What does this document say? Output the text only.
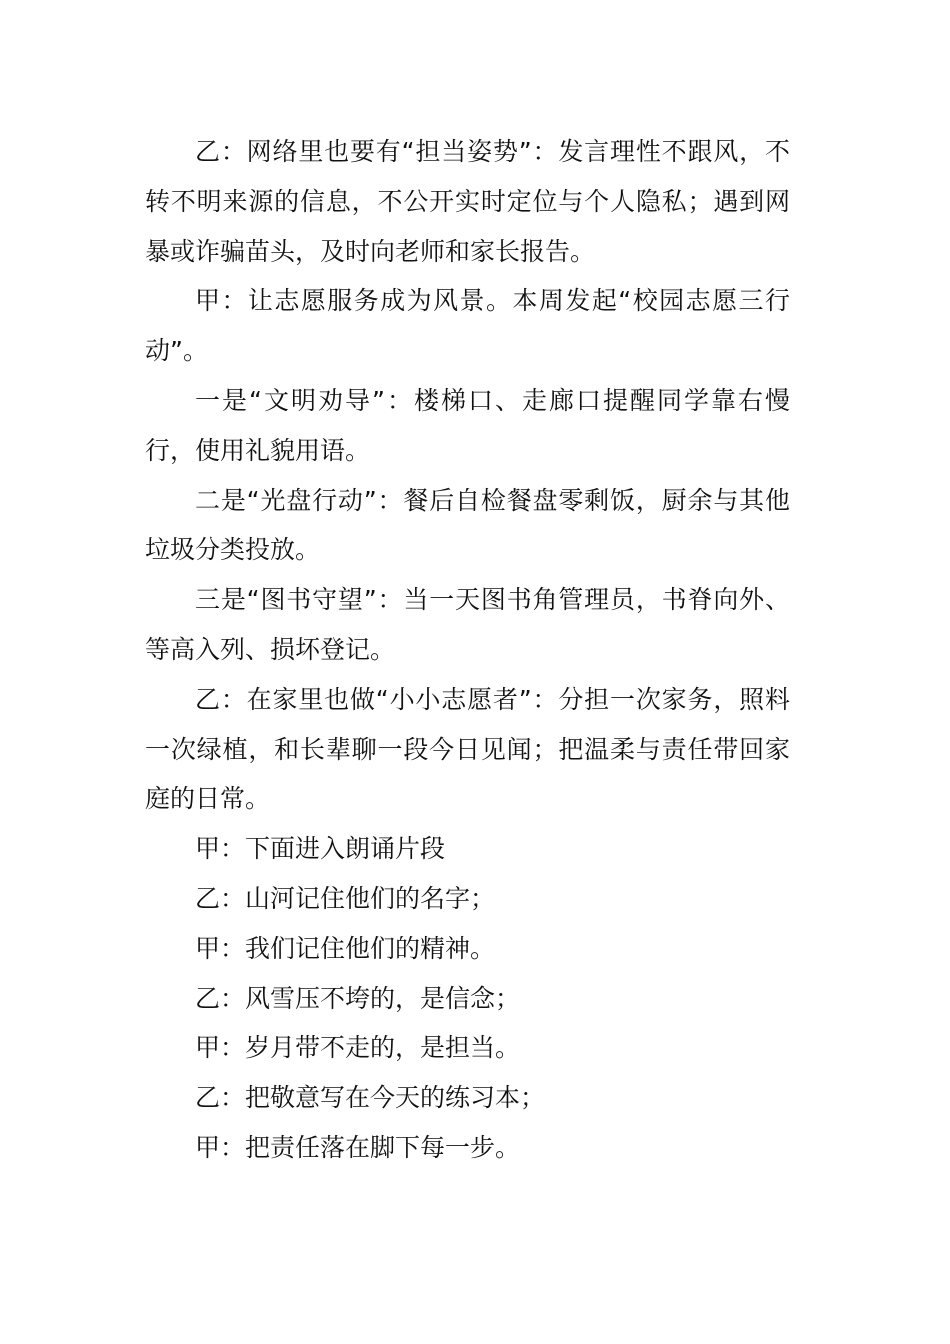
乙：网络里也要有“担当姿势”：发言理性不跟风，不转不明来源的信息，不公开实时定位与个人隐私；遇到网暴或诈骗苗头，及时向老师和家长报告。

甲：让志愿服务成为风景。本周发起“校园志愿三行动”。

一是“文明劝导”：楼梯口、走廊口提醒同学靠右慢行，使用礼貌用语。

二是“光盘行动”：餐后自检餐盘零剩饭，厨余与其他垃圾分类投放。

三是“图书守望”：当一天图书角管理员，书脊向外、等高入列、损坏登记。

乙：在家里也做“小小志愿者”：分担一次家务，照料一次绿植，和长辈聊一段今日见闻；把温柔与责任带回家庭的日常。

甲：下面进入朗诵片段

乙：山河记住他们的名字；

甲：我们记住他们的精神。

乙：风雪压不垮的，是信念；

甲：岁月带不走的，是担当。

乙：把敬意写在今天的练习本；

甲：把责任落在脚下每一步。
